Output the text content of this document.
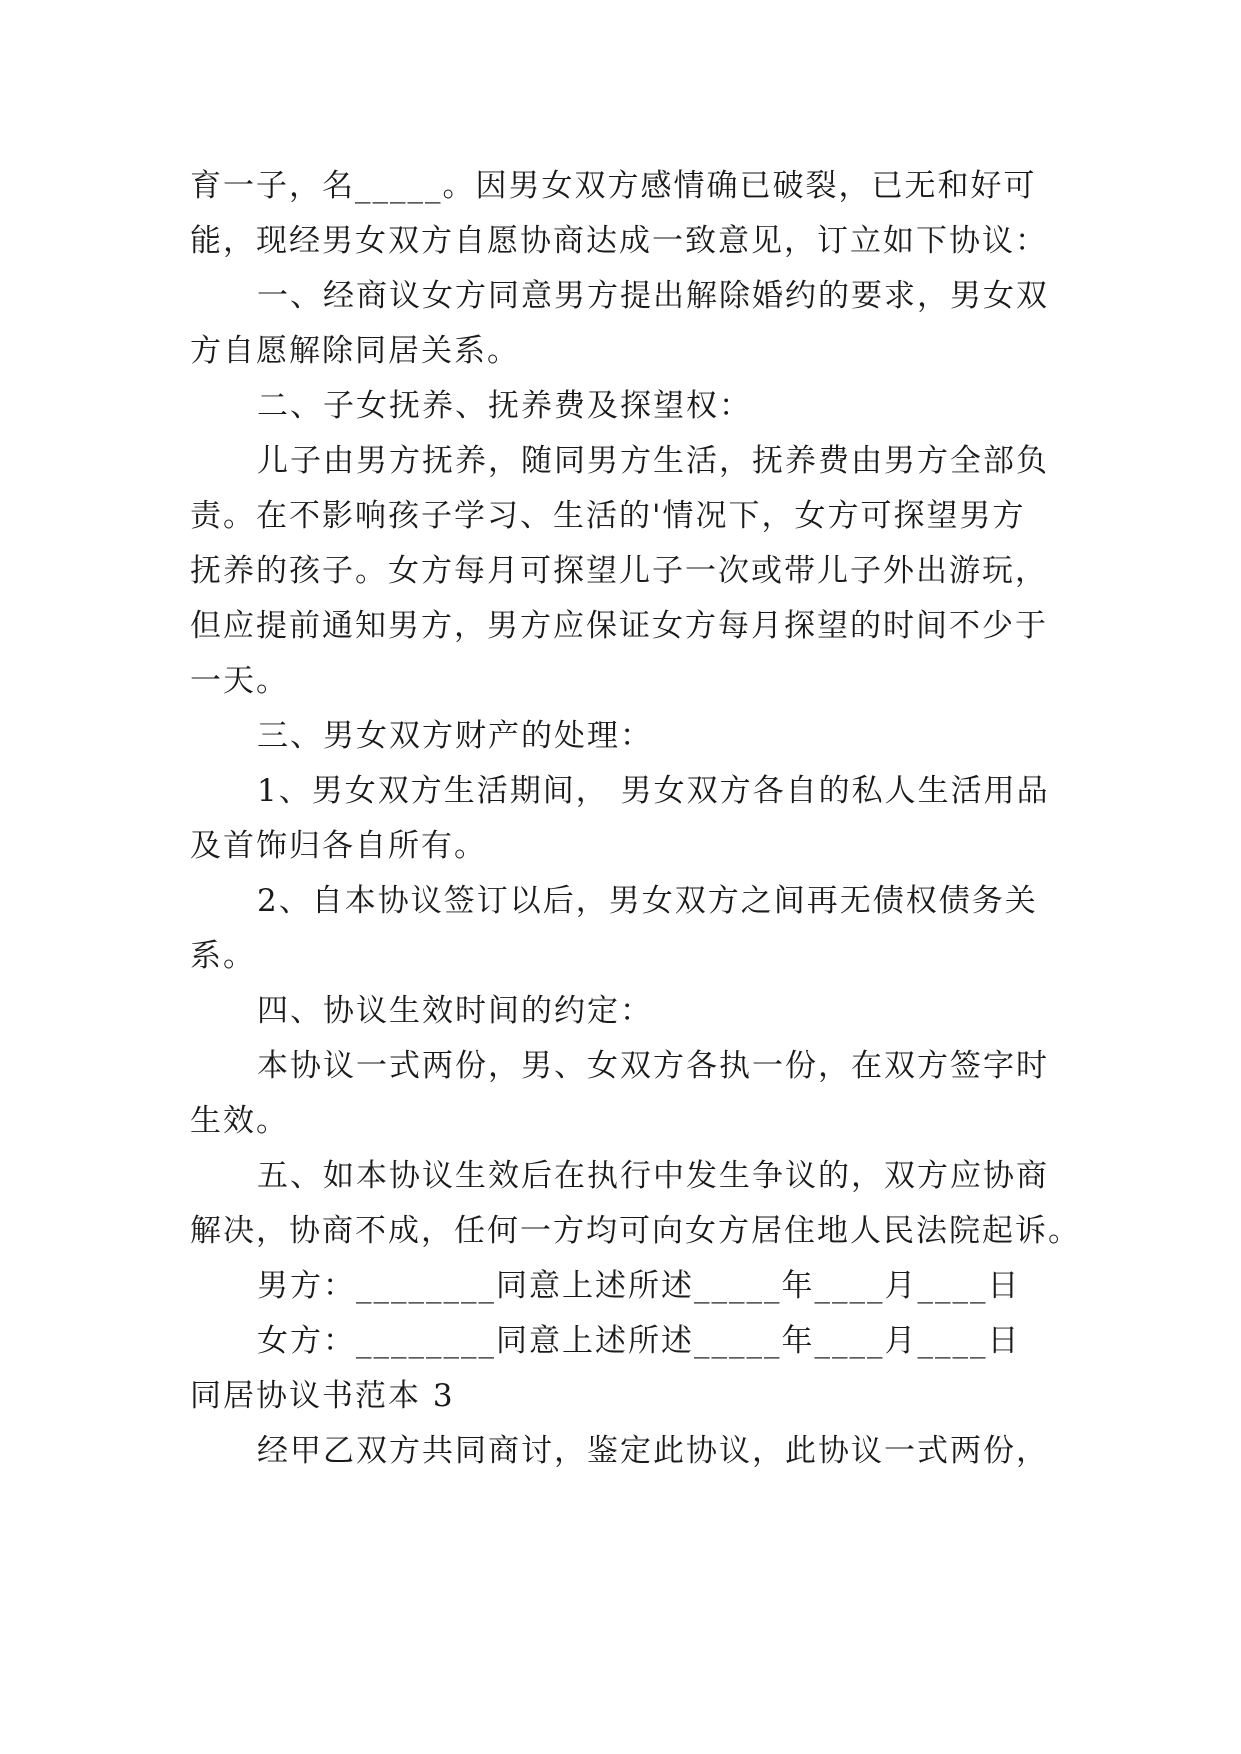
育一子，名_____。因男女双方感情确已破裂，已无和好可

能，现经男女双方自愿协商达成一致意见，订立如下协议：

一、经商议女方同意男方提出解除婚约的要求，男女双

方自愿解除同居关系。

二、子女抚养、抚养费及探望权：

儿子由男方抚养，随同男方生活，抚养费由男方全部负

责。在不影响孩子学习、生活的'情况下，女方可探望男方

抚养的孩子。女方每月可探望儿子一次或带儿子外出游玩，

但应提前通知男方，男方应保证女方每月探望的时间不少于

一天。

三、男女双方财产的处理：

1、男女双方生活期间， 男女双方各自的私人生活用品

及首饰归各自所有。

2、自本协议签订以后，男女双方之间再无债权债务关

系。

四、协议生效时间的约定：

本协议一式两份，男、女双方各执一份，在双方签字时

生效。

五、如本协议生效后在执行中发生争议的，双方应协商

解决，协商不成，任何一方均可向女方居住地人民法院起诉。

男方：________同意上述所述_____年____月____日

女方：________同意上述所述_____年____月____日

同居协议书范本 3

经甲乙双方共同商讨，鉴定此协议，此协议一式两份，
